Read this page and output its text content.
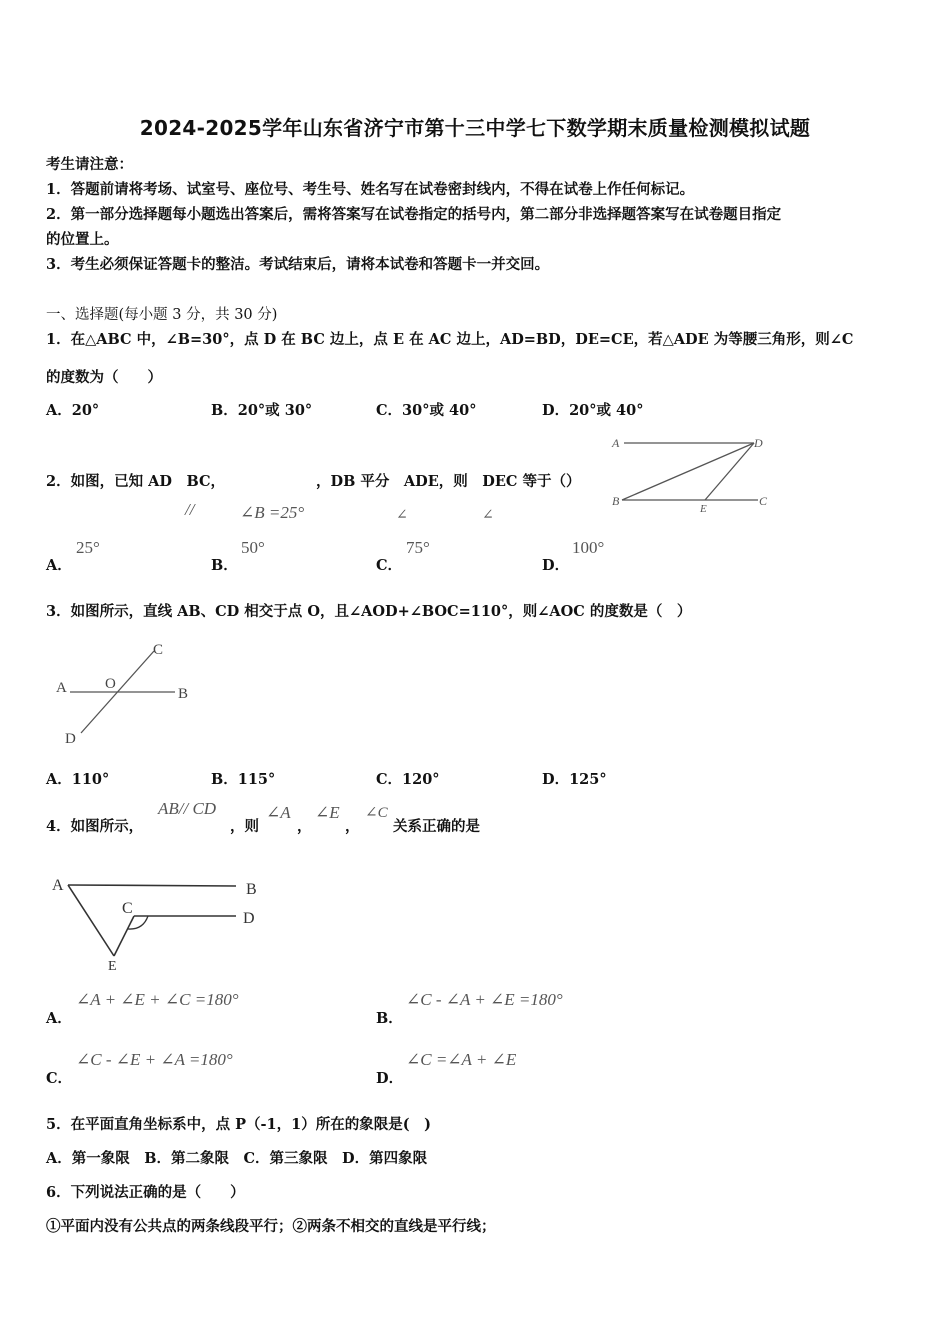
2024-2025学年山东省济宁市第十三中学七下数学期末质量检测模拟试题
考生请注意：
1．答题前请将考场、试室号、座位号、考生号、姓名写在试卷密封线内，不得在试卷上作任何标记。
2．第一部分选择题每小题选出答案后，需将答案写在试卷指定的括号内，第二部分非选择题答案写在试卷题目指定
的位置上。
3．考生必须保证答题卡的整洁。考试结束后，请将本试卷和答题卡一并交回。
一、选择题(每小题 3 分，共 30 分)
1．在△ABC 中，∠B=30°，点 D 在 BC 边上，点 E 在 AC 边上，AD=BD，DE=CE，若△ADE 为等腰三角形，则∠C
的度数为（　　）
A．20°	B．20°或 30°	C．30°或 40°	D．20°或 40°
2．如图，已知 AD　BC，	，DB 平分　ADE，则　DEC 等于（）
//	∠B =25°	∠	∠
A	D
B
E
C
A．
25°
B．
50°
C．
75°
D．
100°
3．如图所示，直线 AB、CD 相交于点 O，且∠AOD+∠BOC=110°，则∠AOC 的度数是（　）
A	O
B
C
D
A．110°	B．115°	C．120°	D．125°
4．如图所示，
AB// CD
，则
∠A
，
∠E
，
∠C
关系正确的是
A	B
C
D
E
A．
∠A + ∠E + ∠C =180°
B．
∠C - ∠A + ∠E =180°
C．
∠C - ∠E + ∠A =180°
D．
∠C =∠A + ∠E
5．在平面直角坐标系中，点 P（-1，1）所在的象限是(　)
A．第一象限　B．第二象限　C．第三象限　D．第四象限
6．下列说法正确的是（　　）
①平面内没有公共点的两条线段平行；②两条不相交的直线是平行线；
